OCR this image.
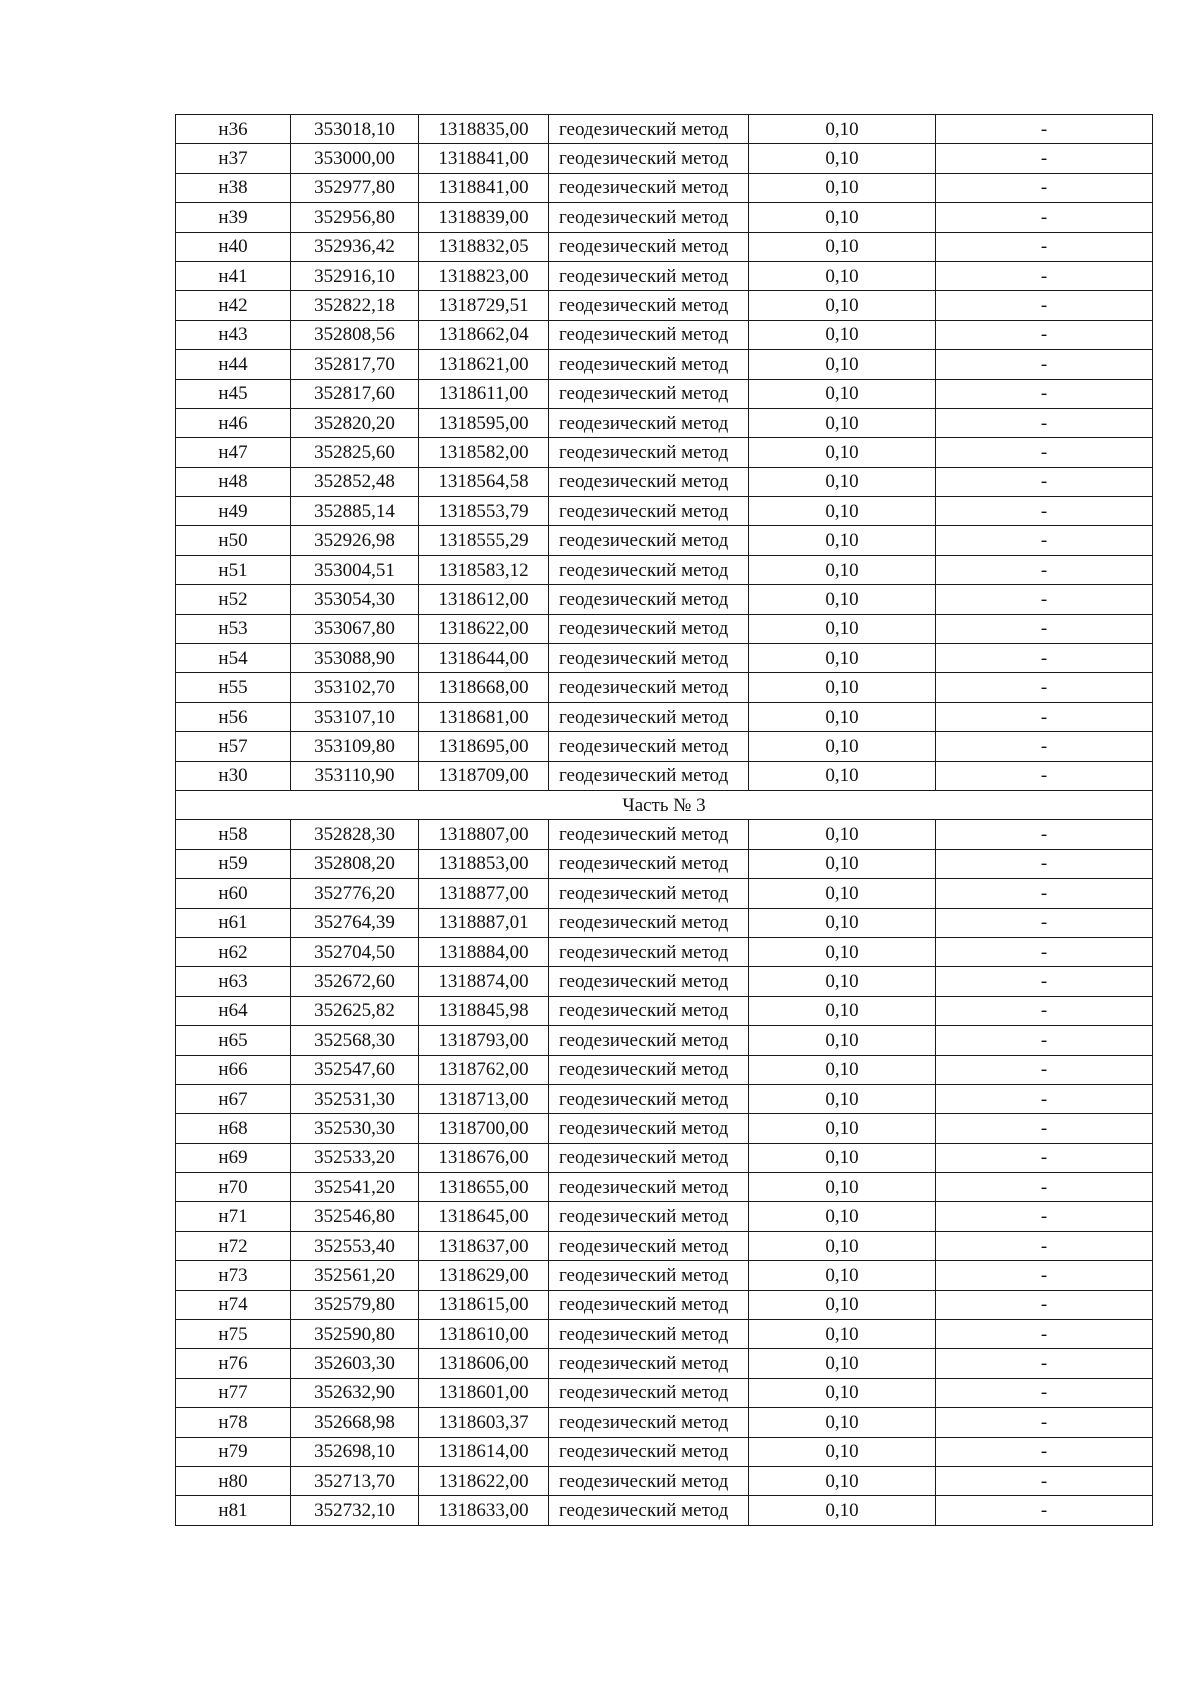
н36	353018,10	1318835,00	геодезический метод	0,10	-
н37	353000,00	1318841,00	геодезический метод	0,10	-
н38	352977,80	1318841,00	геодезический метод	0,10	-
н39	352956,80	1318839,00	геодезический метод	0,10	-
н40	352936,42	1318832,05	геодезический метод	0,10	-
н41	352916,10	1318823,00	геодезический метод	0,10	-
н42	352822,18	1318729,51	геодезический метод	0,10	-
н43	352808,56	1318662,04	геодезический метод	0,10	-
н44	352817,70	1318621,00	геодезический метод	0,10	-
н45	352817,60	1318611,00	геодезический метод	0,10	-
н46	352820,20	1318595,00	геодезический метод	0,10	-
н47	352825,60	1318582,00	геодезический метод	0,10	-
н48	352852,48	1318564,58	геодезический метод	0,10	-
н49	352885,14	1318553,79	геодезический метод	0,10	-
н50	352926,98	1318555,29	геодезический метод	0,10	-
н51	353004,51	1318583,12	геодезический метод	0,10	-
н52	353054,30	1318612,00	геодезический метод	0,10	-
н53	353067,80	1318622,00	геодезический метод	0,10	-
н54	353088,90	1318644,00	геодезический метод	0,10	-
н55	353102,70	1318668,00	геодезический метод	0,10	-
н56	353107,10	1318681,00	геодезический метод	0,10	-
н57	353109,80	1318695,00	геодезический метод	0,10	-
н30	353110,90	1318709,00	геодезический метод	0,10	-
Часть № 3					
н58	352828,30	1318807,00	геодезический метод	0,10	-
н59	352808,20	1318853,00	геодезический метод	0,10	-
н60	352776,20	1318877,00	геодезический метод	0,10	-
н61	352764,39	1318887,01	геодезический метод	0,10	-
н62	352704,50	1318884,00	геодезический метод	0,10	-
н63	352672,60	1318874,00	геодезический метод	0,10	-
н64	352625,82	1318845,98	геодезический метод	0,10	-
н65	352568,30	1318793,00	геодезический метод	0,10	-
н66	352547,60	1318762,00	геодезический метод	0,10	-
н67	352531,30	1318713,00	геодезический метод	0,10	-
н68	352530,30	1318700,00	геодезический метод	0,10	-
н69	352533,20	1318676,00	геодезический метод	0,10	-
н70	352541,20	1318655,00	геодезический метод	0,10	-
н71	352546,80	1318645,00	геодезический метод	0,10	-
н72	352553,40	1318637,00	геодезический метод	0,10	-
н73	352561,20	1318629,00	геодезический метод	0,10	-
н74	352579,80	1318615,00	геодезический метод	0,10	-
н75	352590,80	1318610,00	геодезический метод	0,10	-
н76	352603,30	1318606,00	геодезический метод	0,10	-
н77	352632,90	1318601,00	геодезический метод	0,10	-
н78	352668,98	1318603,37	геодезический метод	0,10	-
н79	352698,10	1318614,00	геодезический метод	0,10	-
н80	352713,70	1318622,00	геодезический метод	0,10	-
н81	352732,10	1318633,00	геодезический метод	0,10	-
